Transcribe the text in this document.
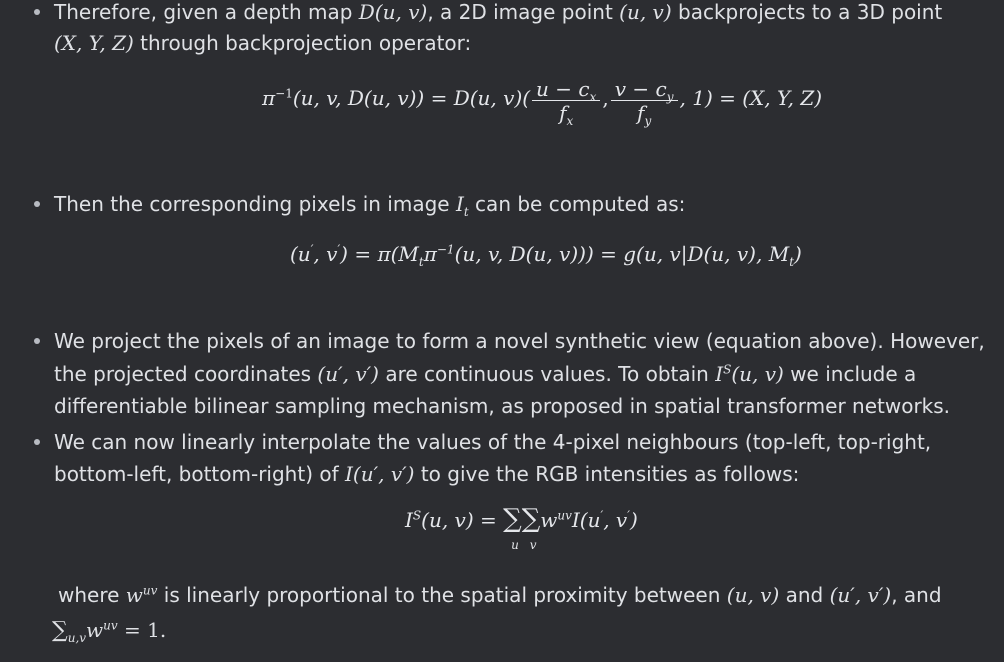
Therefore, given a depth map D(u, v), a 2D image point (u, v) backprojects to a 3D point
(X, Y, Z) through backprojection operator:
$\pi^{-1}(u$, v, D(u, v)) = D(u, $v)( \frac{u - c_x}{f_x}$ , $\frac{v - c_y}{f_y}$ , 1) = (X, Y, Z)
Then the corresponding pixels in image $I_t$ can be computed as:
(u′, $v') = \pi(M_t\pi^{-1}(u$, v, D(u, v))) = g(u, v|D(u, v), $M_t$)
We project the pixels of an image to form a novel synthetic view (equation above). However,
the projected coordinates (u′, v′) are continuous values. To obtain $I^S(u$, v) we include a
differentiable bilinear sampling mechanism, as proposed in spatial transformer networks.
We can now linearly interpolate the values of the 4-pixel neighbours (top-left, top-right,
bottom-left, bottom-right) of I(u′, v′) to give the RGB intensities as follows:
$I^S(u$, v) = ∑
u
∑
v
$w^{uv}I(u'$, v′)
where $w^{uv}$ is linearly proportional to the spatial proximity between (u, v) and (u′, v′), and
$\sum_{u,v}w^{uv} = 1$.
